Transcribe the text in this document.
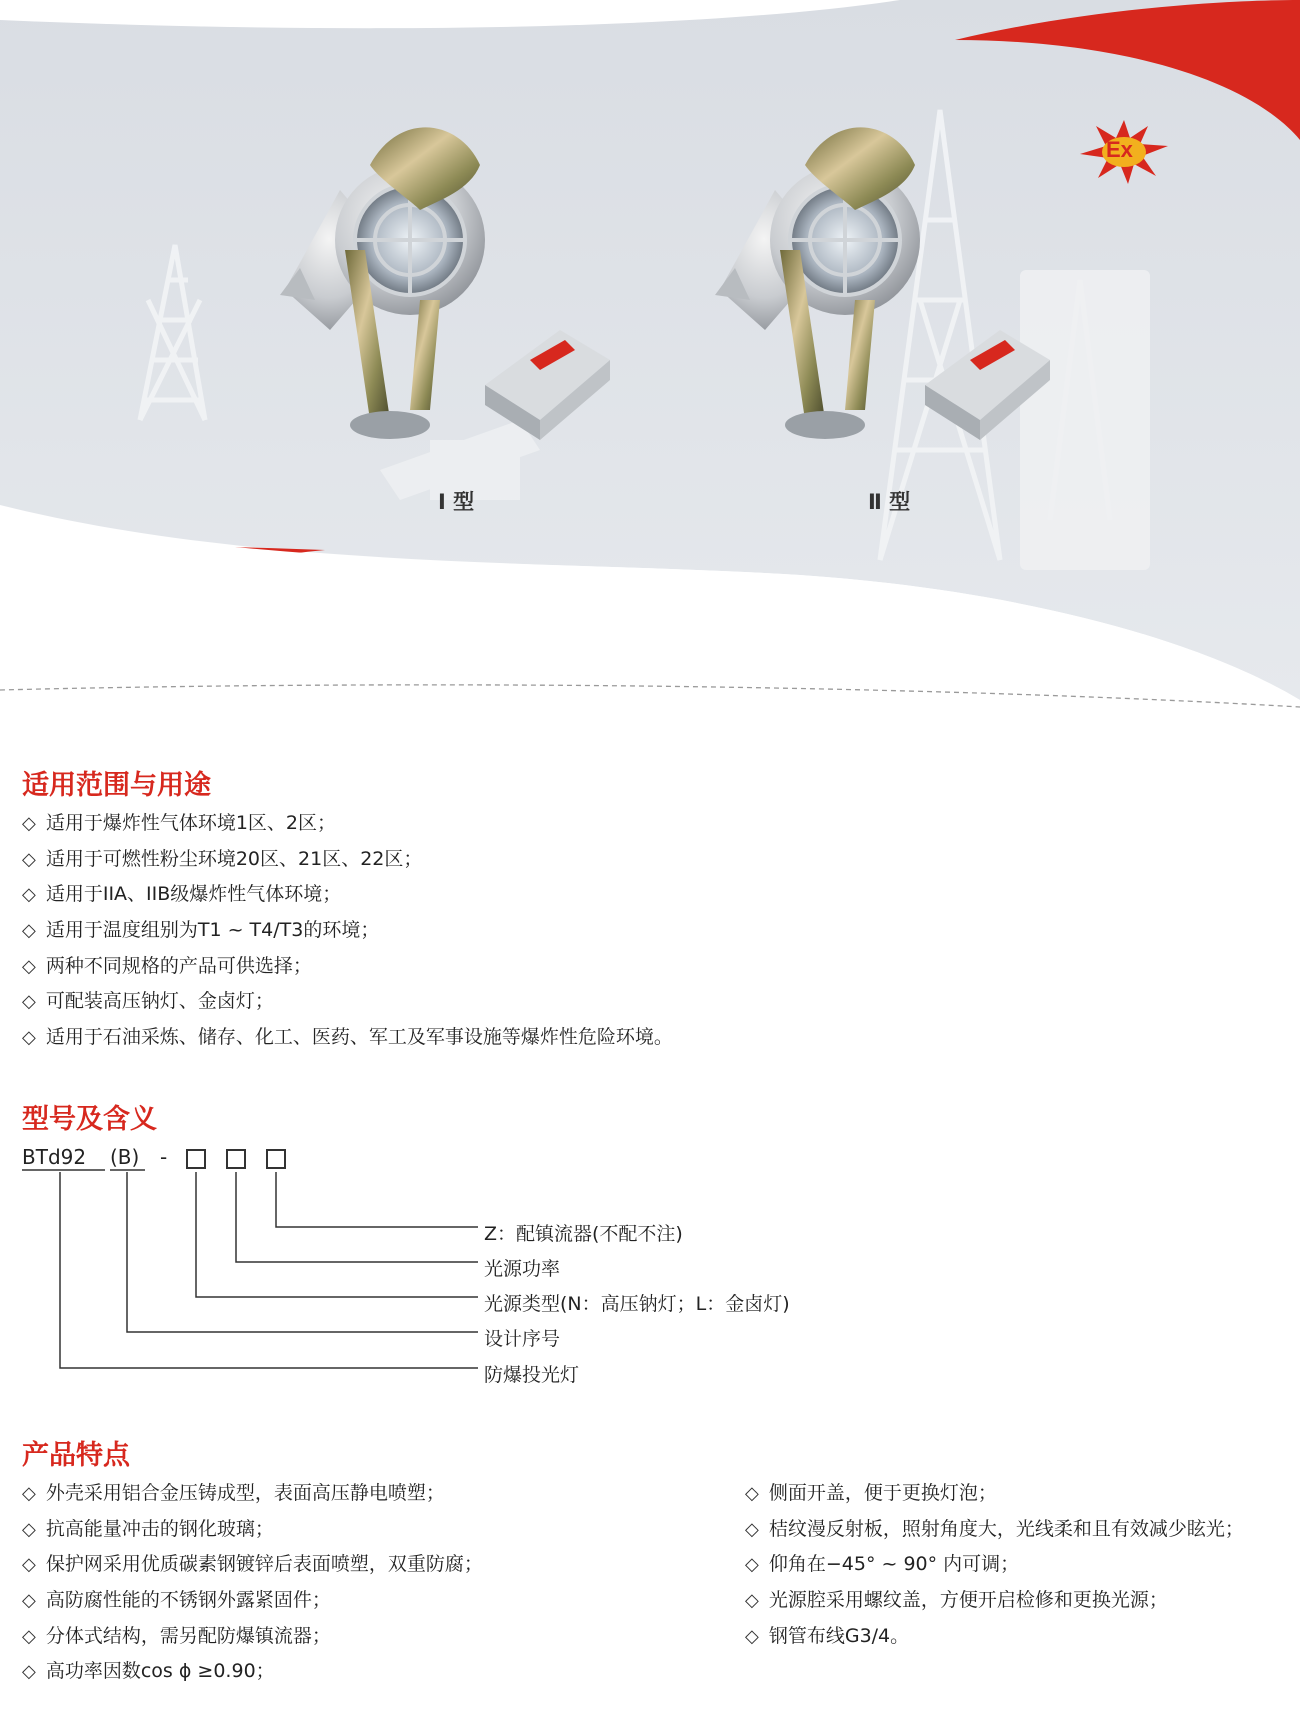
Ex
Ⅰ 型	Ⅱ 型
适用范围与用途
◇ 适用于爆炸性气体环境1区、2区；
◇ 适用于可燃性粉尘环境20区、21区、22区；
◇ 适用于IIA、IIB级爆炸性气体环境；
◇ 适用于温度组别为T1 ~ T4/T3的环境；
◇ 两种不同规格的产品可供选择；
◇ 可配装高压钠灯、金卤灯；
◇ 适用于石油采炼、储存、化工、医药、军工及军事设施等爆炸性危险环境。
型号及含义
BTd92 (B) -
Z：配镇流器(不配不注)
光源功率
光源类型(N：高压钠灯；L：金卤灯)
设计序号
防爆投光灯
产品特点
◇ 外壳采用铝合金压铸成型，表面高压静电喷塑；
◇ 抗高能量冲击的钢化玻璃；
◇ 保护网采用优质碳素钢镀锌后表面喷塑，双重防腐；
◇ 高防腐性能的不锈钢外露紧固件；
◇ 分体式结构，需另配防爆镇流器；
◇ 高功率因数cos ϕ ≥0.90；
◇ 侧面开盖，便于更换灯泡；
◇ 桔纹漫反射板，照射角度大，光线柔和且有效减少眩光；
◇ 仰角在−45° ~ 90° 内可调；
◇ 光源腔采用螺纹盖，方便开启检修和更换光源；
◇ 钢管布线G3/4。
